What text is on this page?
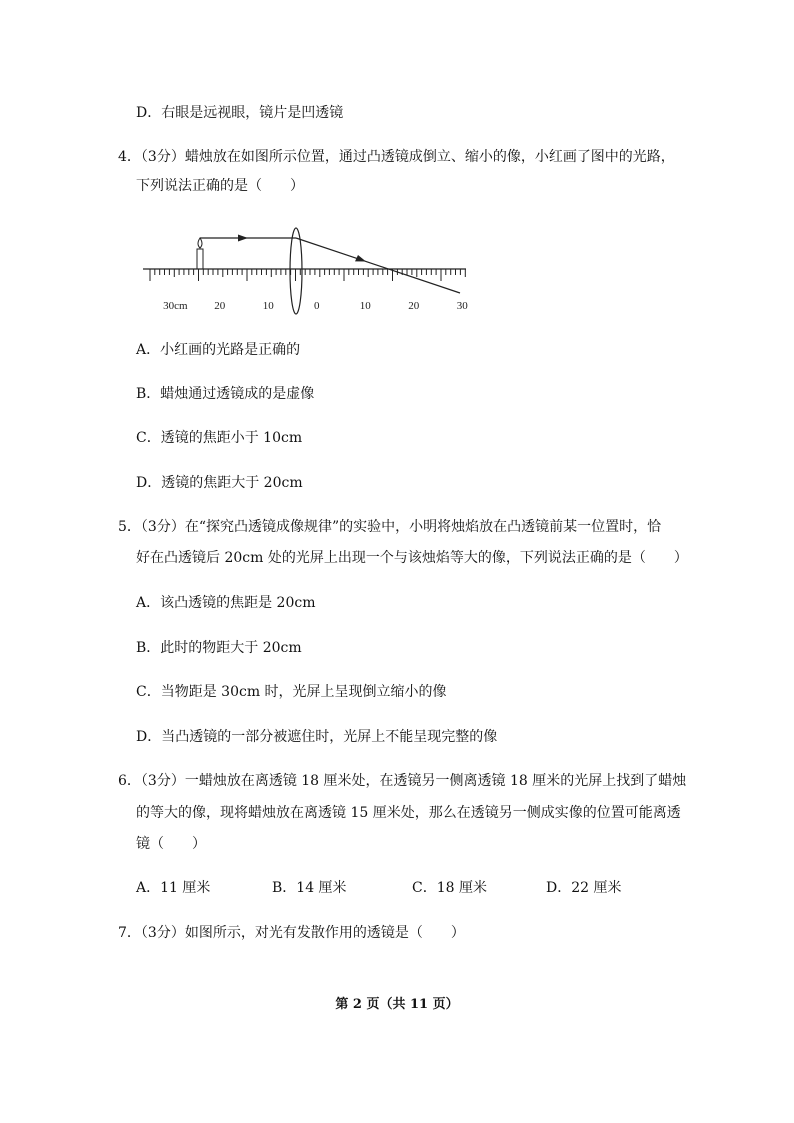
D．右眼是远视眼，镜片是凹透镜
4．（3分）蜡烛放在如图所示位置，通过凸透镜成倒立、缩小的像，小红画了图中的光路，
下列说法正确的是（　　）
30cm 20	10	0	10	20	30
A．小红画的光路是正确的
B．蜡烛通过透镜成的是虚像
C．透镜的焦距小于 10cm
D．透镜的焦距大于 20cm
5．（3分）在“探究凸透镜成像规律”的实验中，小明将烛焰放在凸透镜前某一位置时，恰
好在凸透镜后 20cm 处的光屏上出现一个与该烛焰等大的像，下列说法正确的是（　　）
A．该凸透镜的焦距是 20cm
B．此时的物距大于 20cm
C．当物距是 30cm 时，光屏上呈现倒立缩小的像
D．当凸透镜的一部分被遮住时，光屏上不能呈现完整的像
6．（3分）一蜡烛放在离透镜 18 厘米处，在透镜另一侧离透镜 18 厘米的光屏上找到了蜡烛
的等大的像，现将蜡烛放在离透镜 15 厘米处，那么在透镜另一侧成实像的位置可能离透
镜（　　）
A．11 厘米	B．14 厘米	C．18 厘米	D．22 厘米
7．（3分）如图所示，对光有发散作用的透镜是（　　）
第 2 页（共 11 页）
